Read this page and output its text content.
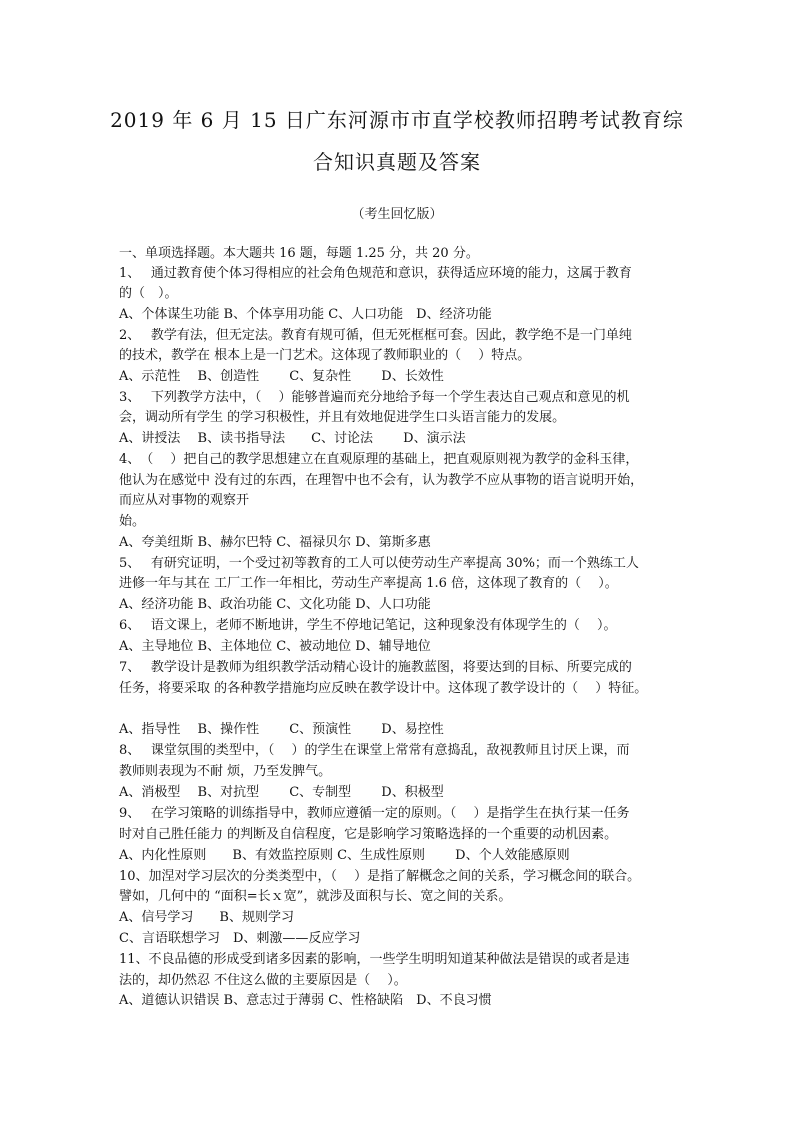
2019 年 6 月 15 日广东河源市市直学校教师招聘考试教育综
合知识真题及答案
（考生回忆版）
一、单项选择题。本大题共 16 题，每题 1.25 分，共 20 分。
1、　 通过教育使个体习得相应的社会角色规范和意识，获得适应环境的能力，这属于教育
的（　）。
A、个体谋生功能 B、个体享用功能 C、人口功能　D、经济功能
2、　 教学有法，但无定法。教育有规可循，但无死框框可套。因此，教学绝不是一门单纯
的技术，教学在 根本上是一门艺术。这体现了教师职业的（　 ）特点。
A、示范性　 B、创造性　　 C、复杂性　　 D、长效性
3、　 下列教学方法中，（　 ）能够普遍而充分地给予每一个学生表达自己观点和意见的机
会，调动所有学生 的学习积极性，并且有效地促进学生口头语言能力的发展。
A、讲授法　 B、读书指导法　　C、讨论法　　 D、演示法
4、　（　 ）把自己的教学思想建立在直观原理的基础上，把直观原则视为教学的金科玉律，
他认为在感觉中 没有过的东西，在理智中也不会有，认为教学不应从事物的语言说明开始，
而应从对事物的观察开
始。
A、夸美纽斯 B、赫尔巴特 C、福禄贝尔 D、第斯多惠
5、　 有研究证明，一个受过初等教育的工人可以使劳动生产率提高 30%；而一个熟练工人
进修一年与其在 工厂工作一年相比，劳动生产率提高 1.6 倍，这体现了教育的（　 ）。
A、经济功能 B、政治功能 C、文化功能 D、人口功能
6、　 语文课上，老师不断地讲，学生不停地记笔记，这种现象没有体现学生的（　 ）。
A、主导地位 B、主体地位 C、被动地位 D、辅导地位
7、　 教学设计是教师为组织教学活动精心设计的施教蓝图，将要达到的目标、所要完成的
任务，将要采取 的各种教学措施均应反映在教学设计中。这体现了教学设计的（　 ）特征。
A、指导性　 B、操作性　　 C、预演性　　 D、易控性
8、　 课堂氛围的类型中，（　 ）的学生在课堂上常常有意捣乱，敌视教师且讨厌上课，而
教师则表现为不耐 烦，乃至发脾气。
A、消极型　 B、对抗型　　 C、专制型　　 D、积极型
9、　 在学习策略的训练指导中，教师应遵循一定的原则。（　 ）是指学生在执行某一任务
时对自己胜任能力 的判断及自信程度，它是影响学习策略选择的一个重要的动机因素。
A、内化性原则　　B、有效监控原则 C、生成性原则　　 D、个人效能感原则
10、加涅对学习层次的分类类型中，（　 ）是指了解概念之间的关系，学习概念间的联合。
譬如，几何中的 “面积=长ｘ宽”，就涉及面积与长、宽之间的关系。
A、信号学习　　B、规则学习
C、言语联想学习　D、刺激——反应学习
11、不良品德的形成受到诸多因素的影响，一些学生明明知道某种做法是错误的或者是违
法的，却仍然忍 不住这么做的主要原因是（　 ）。
A、道德认识错误 B、意志过于薄弱 C、性格缺陷　D、不良习惯
